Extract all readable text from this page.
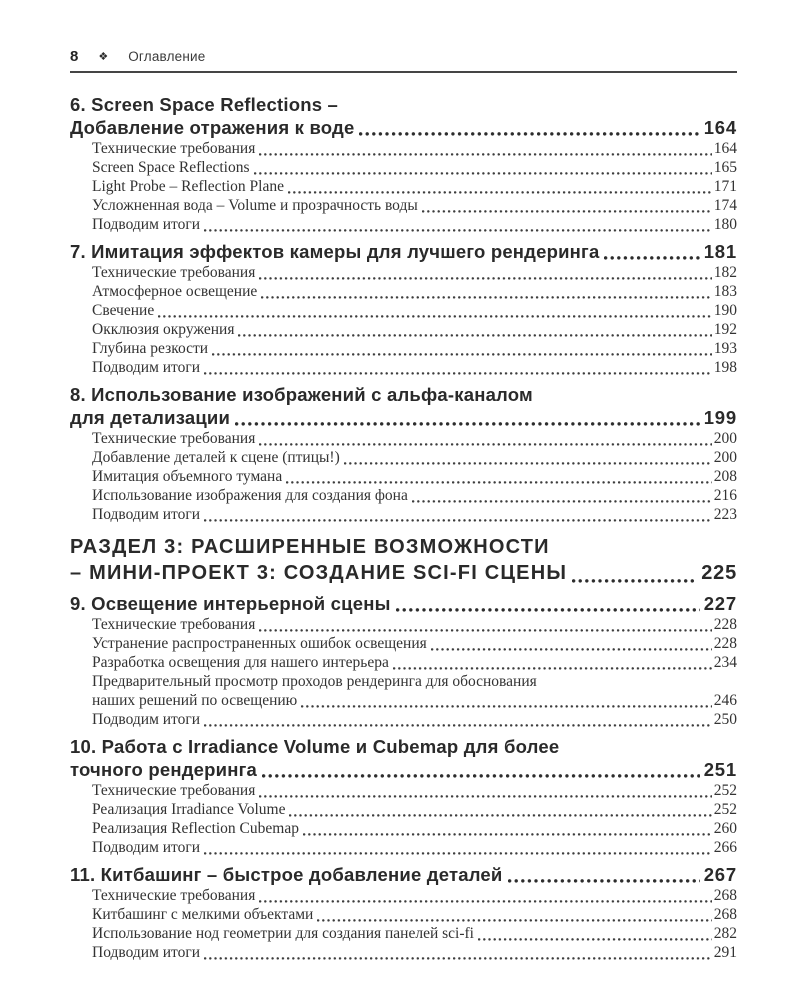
8 ❖ Оглавление
6. Screen Space Reflections –
Добавление отражения к воде	164
Технические требования	164
Screen Space Reflections	165
Light Probe – Reflection Plane	171
Усложненная вода – Volume и прозрачность воды	174
Подводим итоги	180
7. Имитация эффектов камеры для лучшего рендеринга	181
Технические требования	182
Атмосферное освещение	183
Свечение	190
Окклюзия окружения	192
Глубина резкости	193
Подводим итоги	198
8. Использование изображений с альфа-каналом
для детализации	199
Технические требования	200
Добавление деталей к сцене (птицы!)	200
Имитация объемного тумана	208
Использование изображения для создания фона	216
Подводим итоги	223
РАЗДЕЛ 3: РАСШИРЕННЫЕ ВОЗМОЖНОСТИ
– МИНИ-ПРОЕКТ 3: СОЗДАНИЕ SCI-FI СЦЕНЫ	225
9. Освещение интерьерной сцены	227
Технические требования	228
Устранение распространенных ошибок освещения	228
Разработка освещения для нашего интерьера	234
Предварительный просмотр проходов рендеринга для обоснования
наших решений по освещению	246
Подводим итоги	250
10. Работа с Irradiance Volume и Cubemap для более
точного рендеринга	251
Технические требования	252
Реализация Irradiance Volume	252
Реализация Reflection Cubemap	260
Подводим итоги	266
11. Китбашинг – быстрое добавление деталей	267
Технические требования	268
Китбашинг с мелкими объектами	268
Использование нод геометрии для создания панелей sci-fi	282
Подводим итоги	291
